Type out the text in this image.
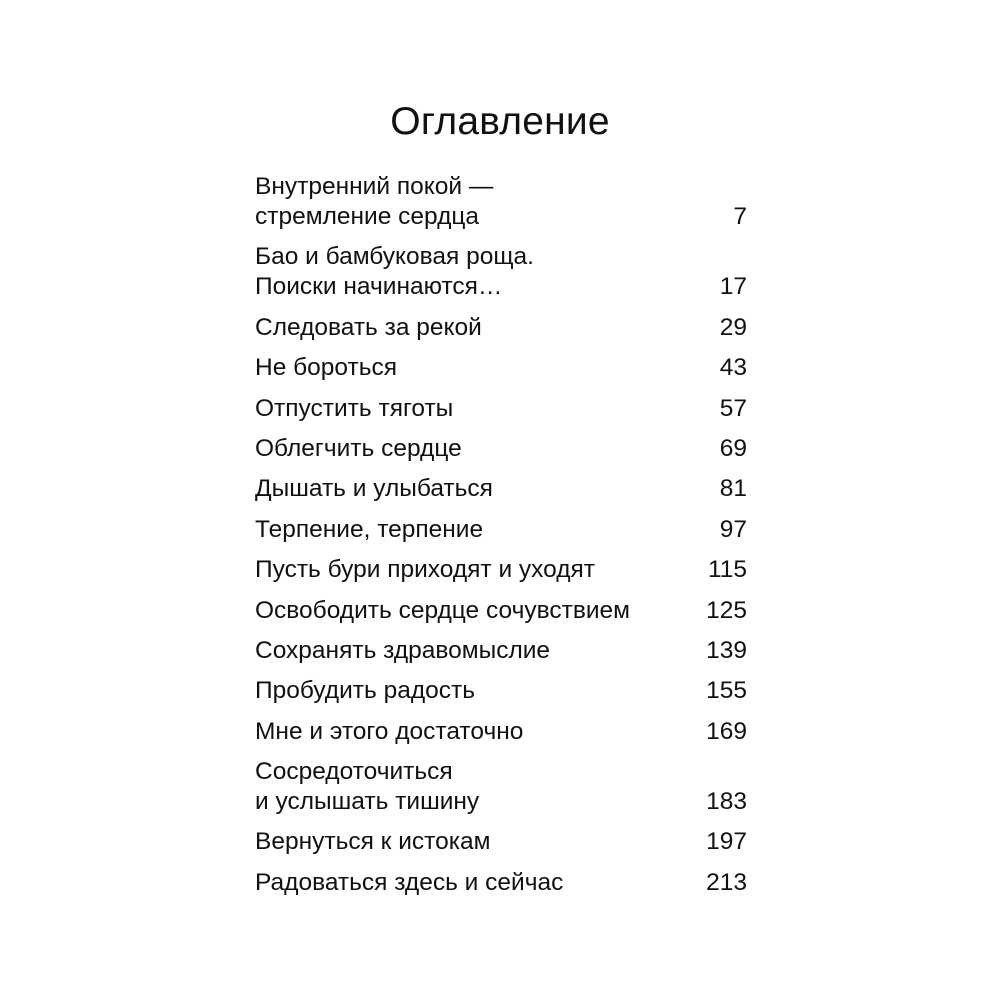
Оглавление
Внутренний покой —
стремление сердца	7
Бао и бамбуковая роща.
Поиски начинаются…	17
Следовать за рекой	29
Не бороться	43
Отпустить тяготы	57
Облегчить сердце	69
Дышать и улыбаться	81
Терпение, терпение	97
Пусть бури приходят и уходят	115
Освободить сердце сочувствием	125
Сохранять здравомыслие	139
Пробудить радость	155
Мне и этого достаточно	169
Сосредоточиться
и услышать тишину	183
Вернуться к истокам	197
Радоваться здесь и сейчас	213
